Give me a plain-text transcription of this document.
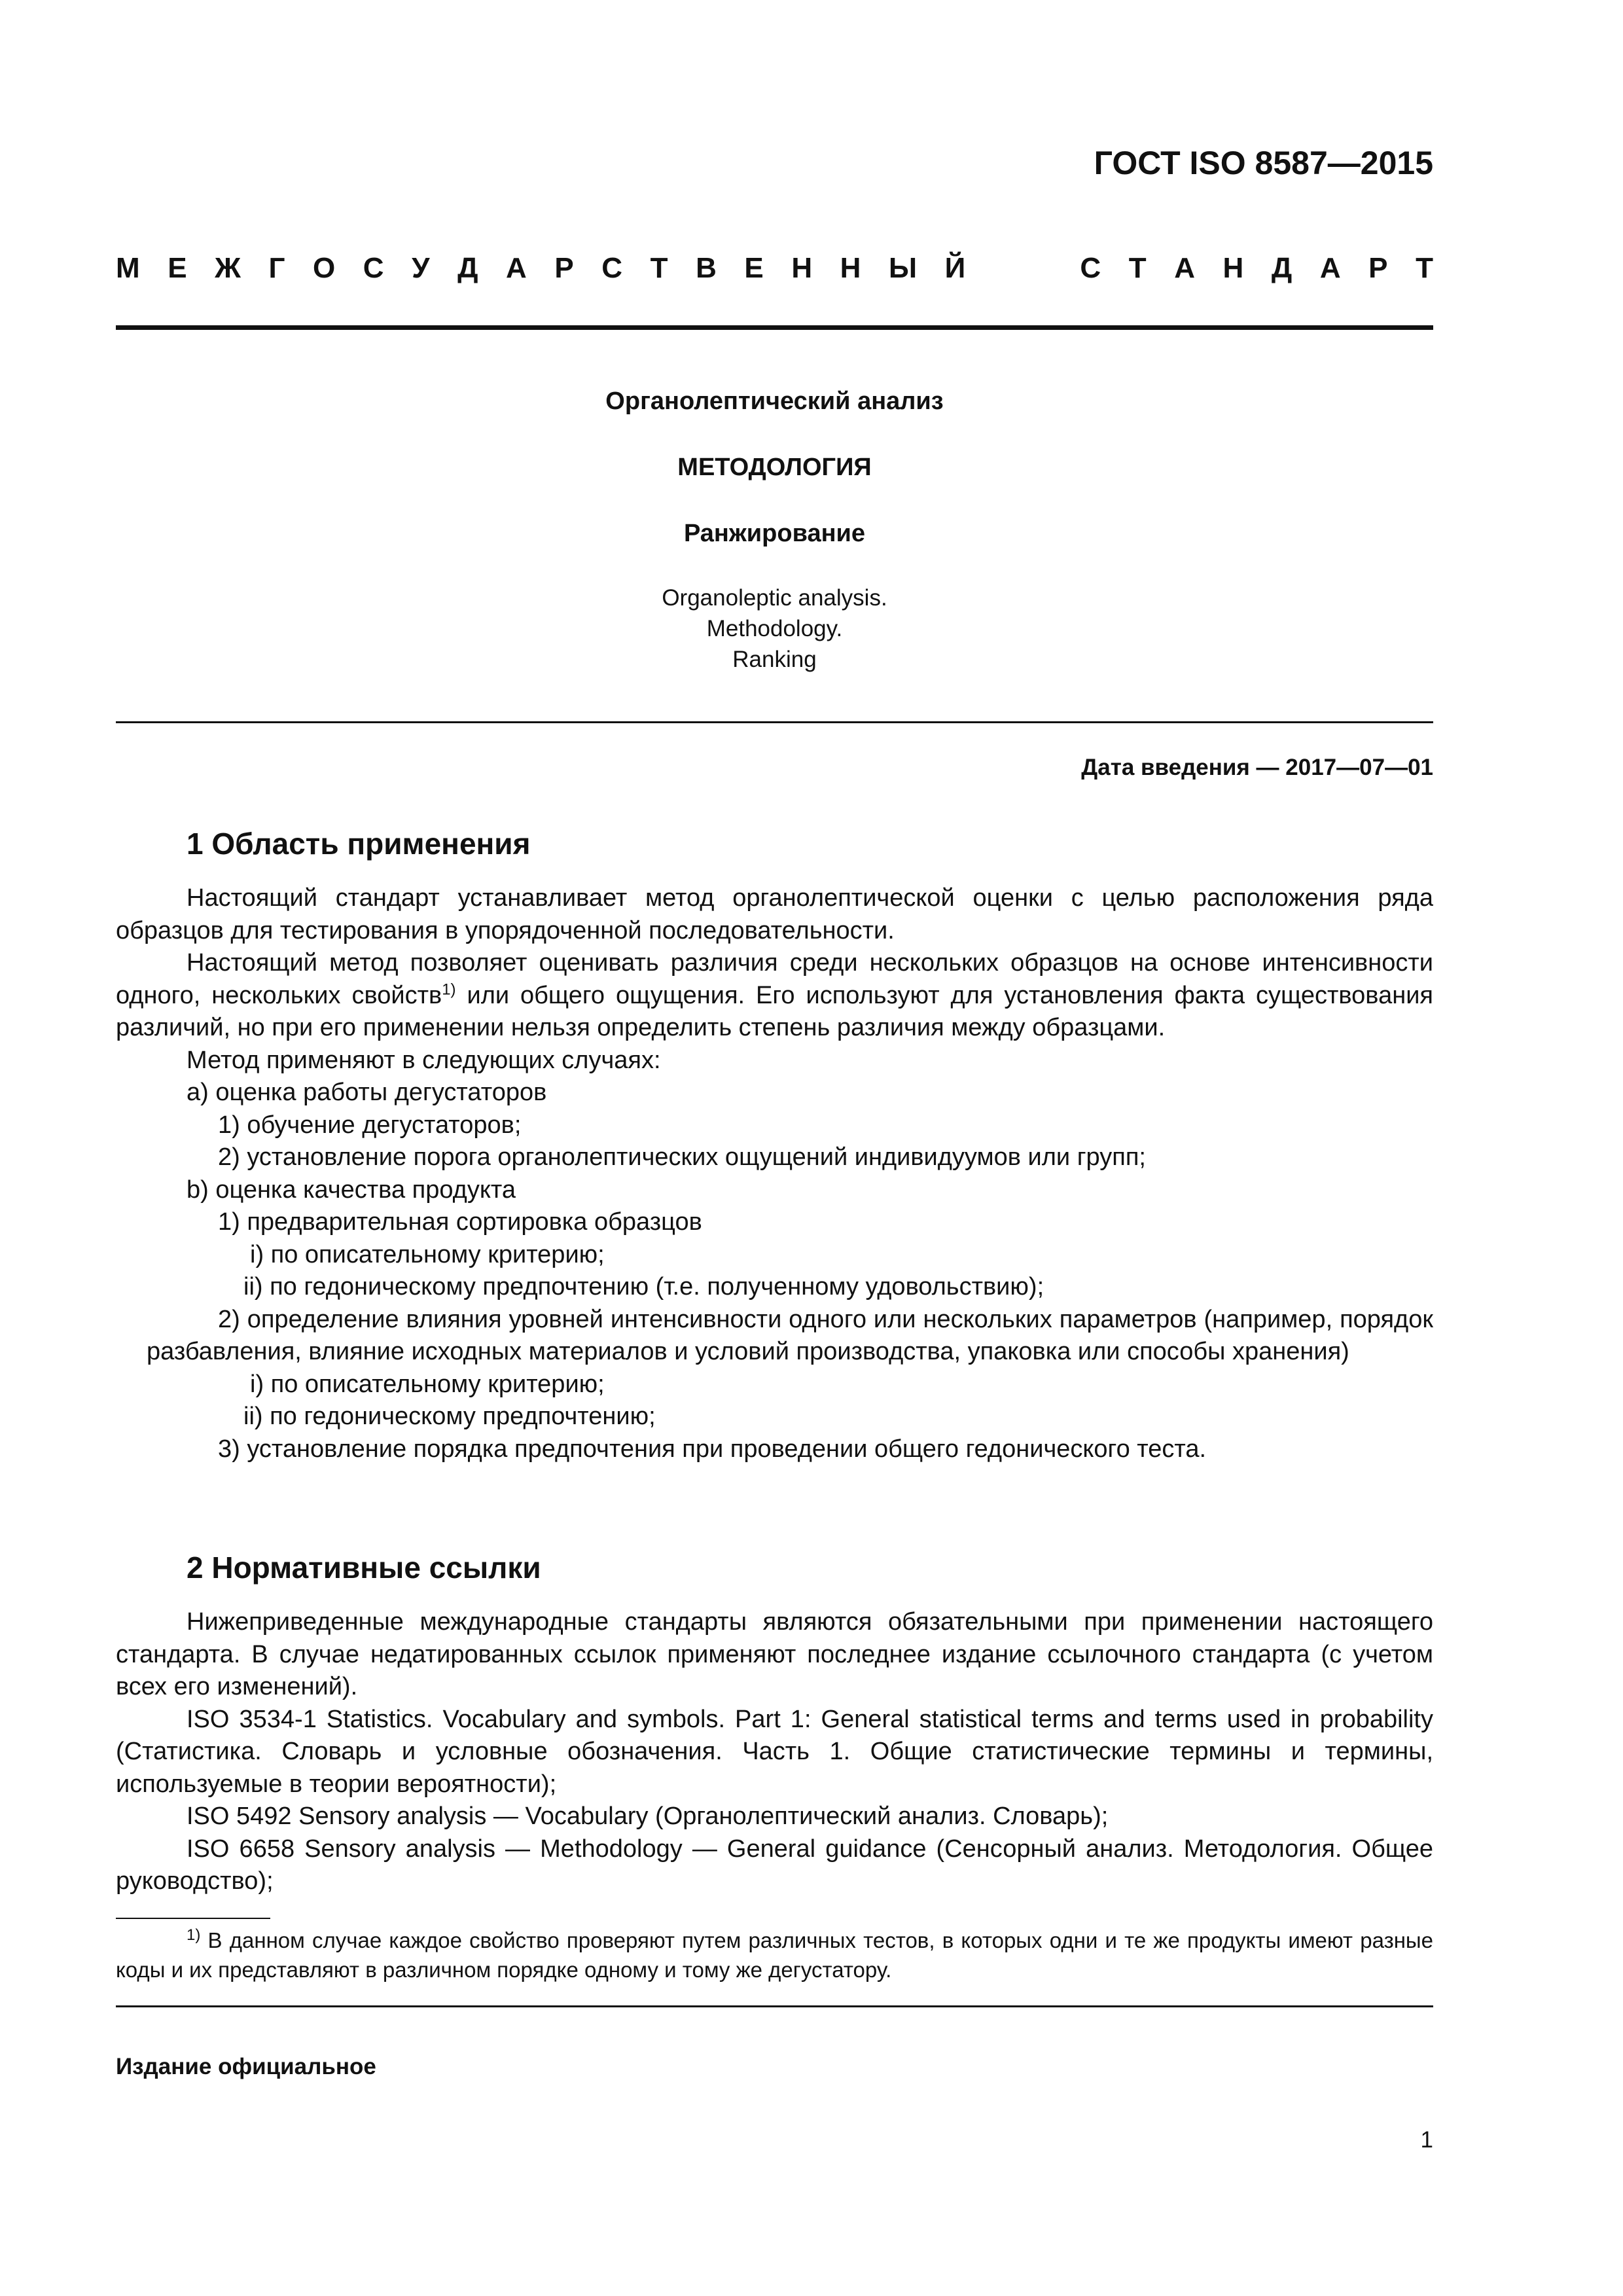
ГОСТ ISO 8587—2015
М Е Ж Г О С У Д А Р С Т В Е Н Н Ы Й	С Т А Н Д А Р Т
Органолептический анализ
МЕТОДОЛОГИЯ
Ранжирование
Organoleptic analysis.
Methodology.
Ranking
Дата введения — 2017—07—01
1 Область применения

Настоящий стандарт устанавливает метод органолептической оценки с целью расположения ряда образцов для тестирования в упорядоченной последовательности.

Настоящий метод позволяет оценивать различия среди нескольких образцов на основе интенсивности одного, нескольких свойств$^{1)}$ или общего ощущения. Его используют для установления факта существования различий, но при его применении нельзя определить степень различия между образцами.

Метод применяют в следующих случаях:

a) оценка работы дегустаторов

1) обучение дегустаторов;

2) установление порога органолептических ощущений индивидуумов или групп;

b) оценка качества продукта

1) предварительная сортировка образцов

i) по описательному критерию;

ii) по гедоническому предпочтению (т.е. полученному удовольствию);

2) определение влияния уровней интенсивности одного или нескольких параметров (например, порядок разбавления, влияние исходных материалов и условий производства, упаковка или способы хранения)

i) по описательному критерию;

ii) по гедоническому предпочтению;

3) установление порядка предпочтения при проведении общего гедонического теста.

2 Нормативные ссылки

Нижеприведенные международные стандарты являются обязательными при применении настоящего стандарта. В случае недатированных ссылок применяют последнее издание ссылочного стандарта (с учетом всех его изменений).

ISO 3534-1 Statistics. Vocabulary and symbols. Part 1: General statistical terms and terms used in probability (Статистика. Словарь и условные обозначения. Часть 1. Общие статистические термины и термины, используемые в теории вероятности);

ISO 5492 Sensory analysis — Vocabulary (Органолептический анализ. Словарь);

ISO 6658 Sensory analysis — Methodology — General guidance (Сенсорный анализ. Методология. Общее руководство);

$^{1)}$ В данном случае каждое свойство проверяют путем различных тестов, в которых одни и те же продукты имеют разные коды и их представляют в различном порядке одному и тому же дегустатору.
Издание официальное
1
